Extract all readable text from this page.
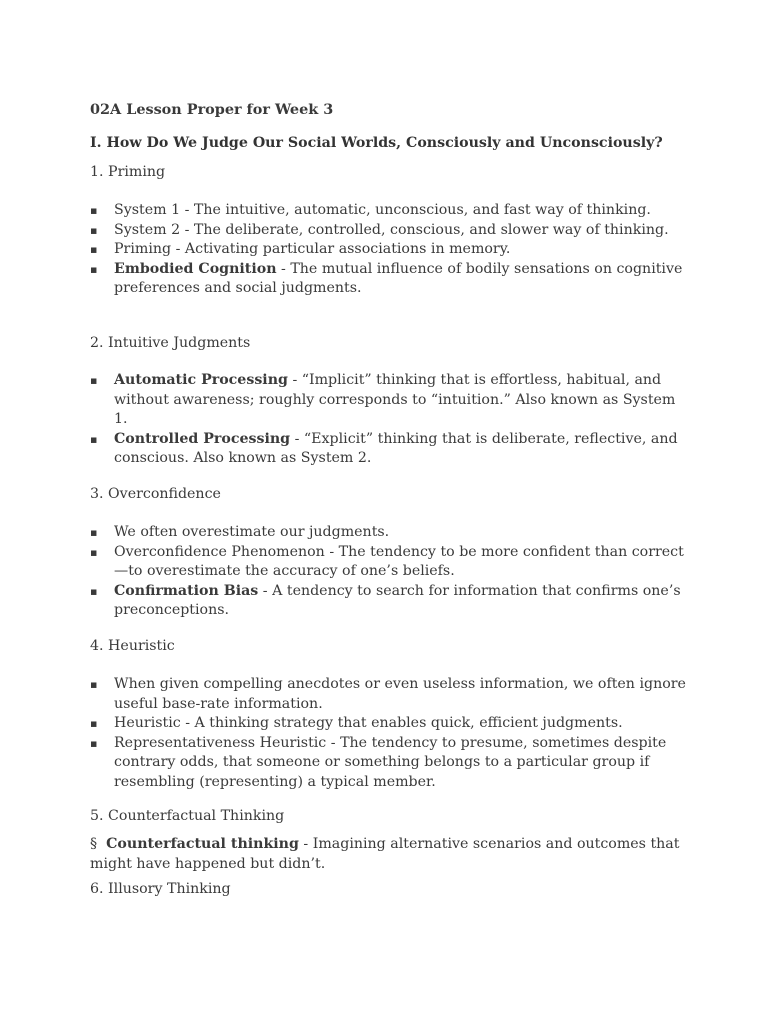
02A Lesson Proper for Week 3
I. How Do We Judge Our Social Worlds, Consciously and Unconsciously?
1. Priming
▪ System 1 - The intuitive, automatic, unconscious, and fast way of thinking.
▪ System 2 - The deliberate, controlled, conscious, and slower way of thinking.
▪ Priming - Activating particular associations in memory.
▪ Embodied Cognition - The mutual influence of bodily sensations on cognitive preferences and social judgments.
2. Intuitive Judgments
▪ Automatic Processing - “Implicit” thinking that is effortless, habitual, and without awareness; roughly corresponds to “intuition.” Also known as System 1.
▪ Controlled Processing - “Explicit” thinking that is deliberate, reflective, and conscious. Also known as System 2.
3. Overconfidence
▪ We often overestimate our judgments.
▪ Overconfidence Phenomenon - The tendency to be more confident than correct—to overestimate the accuracy of one’s beliefs.
▪ Confirmation Bias - A tendency to search for information that confirms one’s preconceptions.
4. Heuristic
▪ When given compelling anecdotes or even useless information, we often ignore useful base-rate information.
▪ Heuristic - A thinking strategy that enables quick, efficient judgments.
▪ Representativeness Heuristic - The tendency to presume, sometimes despite contrary odds, that someone or something belongs to a particular group if resembling (representing) a typical member.
5. Counterfactual Thinking
§ Counterfactual thinking - Imagining alternative scenarios and outcomes that might have happened but didn’t.
6. Illusory Thinking
